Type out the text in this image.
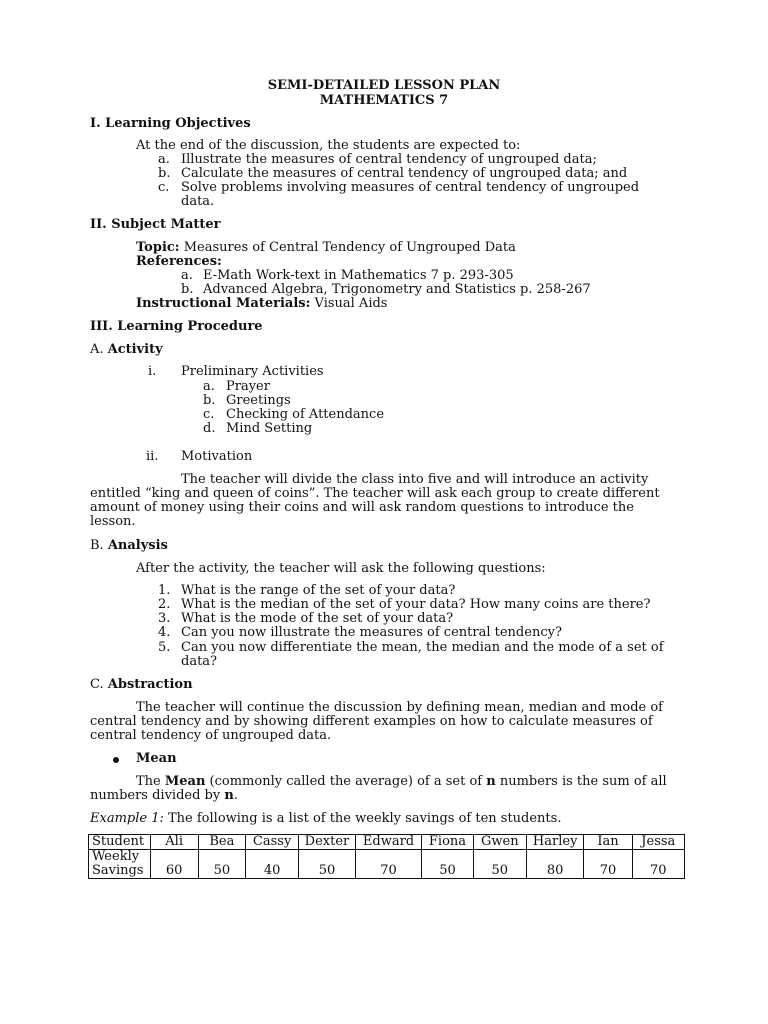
SEMI-DETAILED LESSON PLAN
MATHEMATICS 7
I. Learning Objectives
At the end of the discussion, the students are expected to:
a. Illustrate the measures of central tendency of ungrouped data;
b. Calculate the measures of central tendency of ungrouped data; and
c. Solve problems involving measures of central tendency of ungrouped
data.
II. Subject Matter
Topic: Measures of Central Tendency of Ungrouped Data
References:
a. E-Math Work-text in Mathematics 7 p. 293-305
b. Advanced Algebra, Trigonometry and Statistics p. 258-267
Instructional Materials: Visual Aids
III. Learning Procedure
A. Activity
i. Preliminary Activities
a. Prayer
b. Greetings
c. Checking of Attendance
d. Mind Setting
ii. Motivation
The teacher will divide the class into five and will introduce an activity
entitled “king and queen of coins”. The teacher will ask each group to create different
amount of money using their coins and will ask random questions to introduce the
lesson.
B. Analysis
After the activity, the teacher will ask the following questions:
1. What is the range of the set of your data?
2. What is the median of the set of your data? How many coins are there?
3. What is the mode of the set of your data?
4. Can you now illustrate the measures of central tendency?
5. Can you now differentiate the mean, the median and the mode of a set of
data?
C. Abstraction
The teacher will continue the discussion by defining mean, median and mode of
central tendency and by showing different examples on how to calculate measures of
central tendency of ungrouped data.
Mean
The Mean (commonly called the average) of a set of n numbers is the sum of all
numbers divided by n.
Example 1: The following is a list of the weekly savings of ten students.
Student	Ali	Bea	Cassy	Dexter	Edward	Fiona	Gwen	Harley	Ian	Jessa

Weekly
Savings	60	50	40	50	70	50	50	80	70	70
